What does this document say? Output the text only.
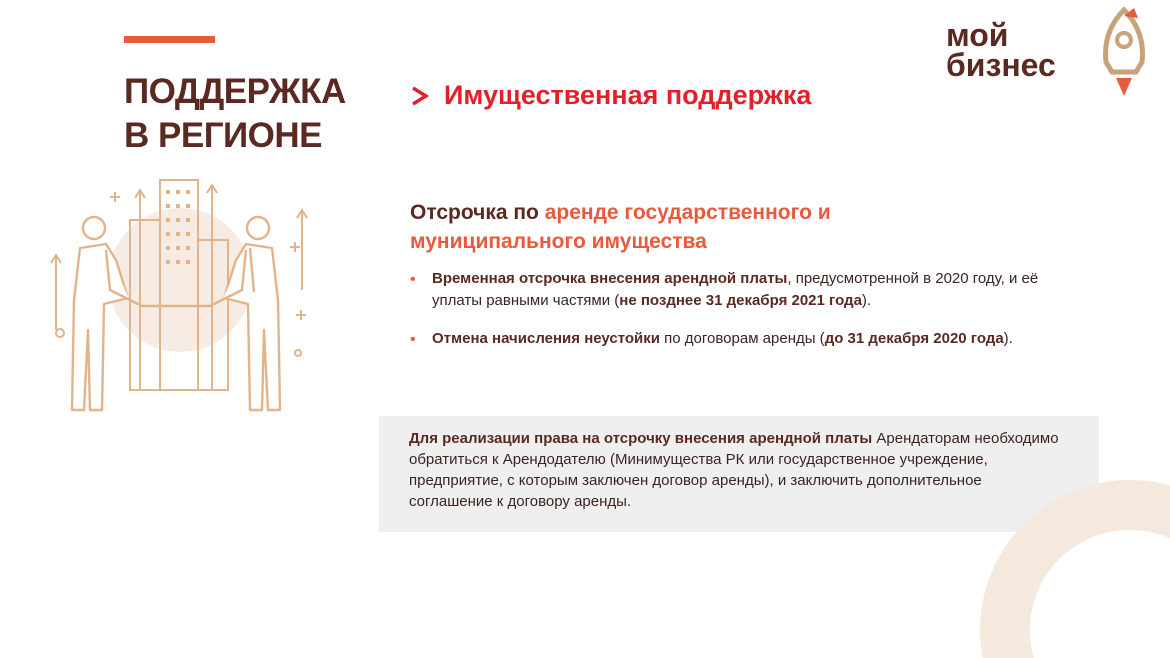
ПОДДЕРЖКА
В РЕГИОНЕ
Имущественная поддержка
Отсрочка по аренде государственного и муниципального имущества
• Временная отсрочка внесения арендной платы, предусмотренной в 2020 году, и её уплаты равными частями (не позднее 31 декабря 2021 года).
• Отмена начисления неустойки по договорам аренды (до 31 декабря 2020 года).
Для реализации права на отсрочку внесения арендной платы Арендаторам необходимо обратиться к Арендодателю (Минимущества РК или государственное учреждение, предприятие, с которым заключен договор аренды), и заключить дополнительное соглашение к договору аренды.
мой
бизнес
